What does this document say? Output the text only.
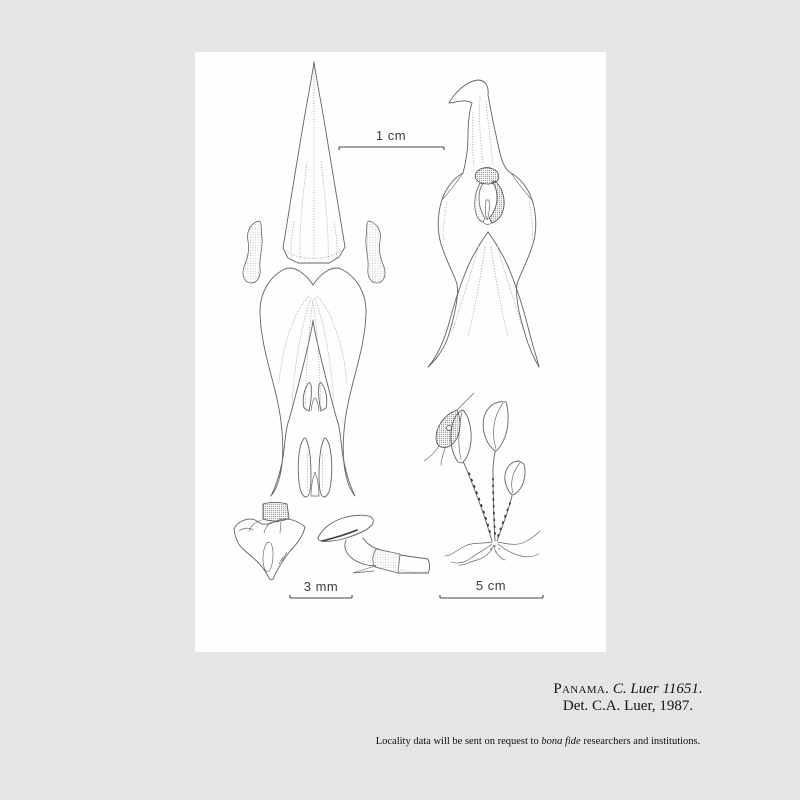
1 cm
3 mm	5 cm
Panama. C. Luer 11651.
Det. C.A. Luer, 1987.
Locality data will be sent on request to bona fide researchers and institutions.
